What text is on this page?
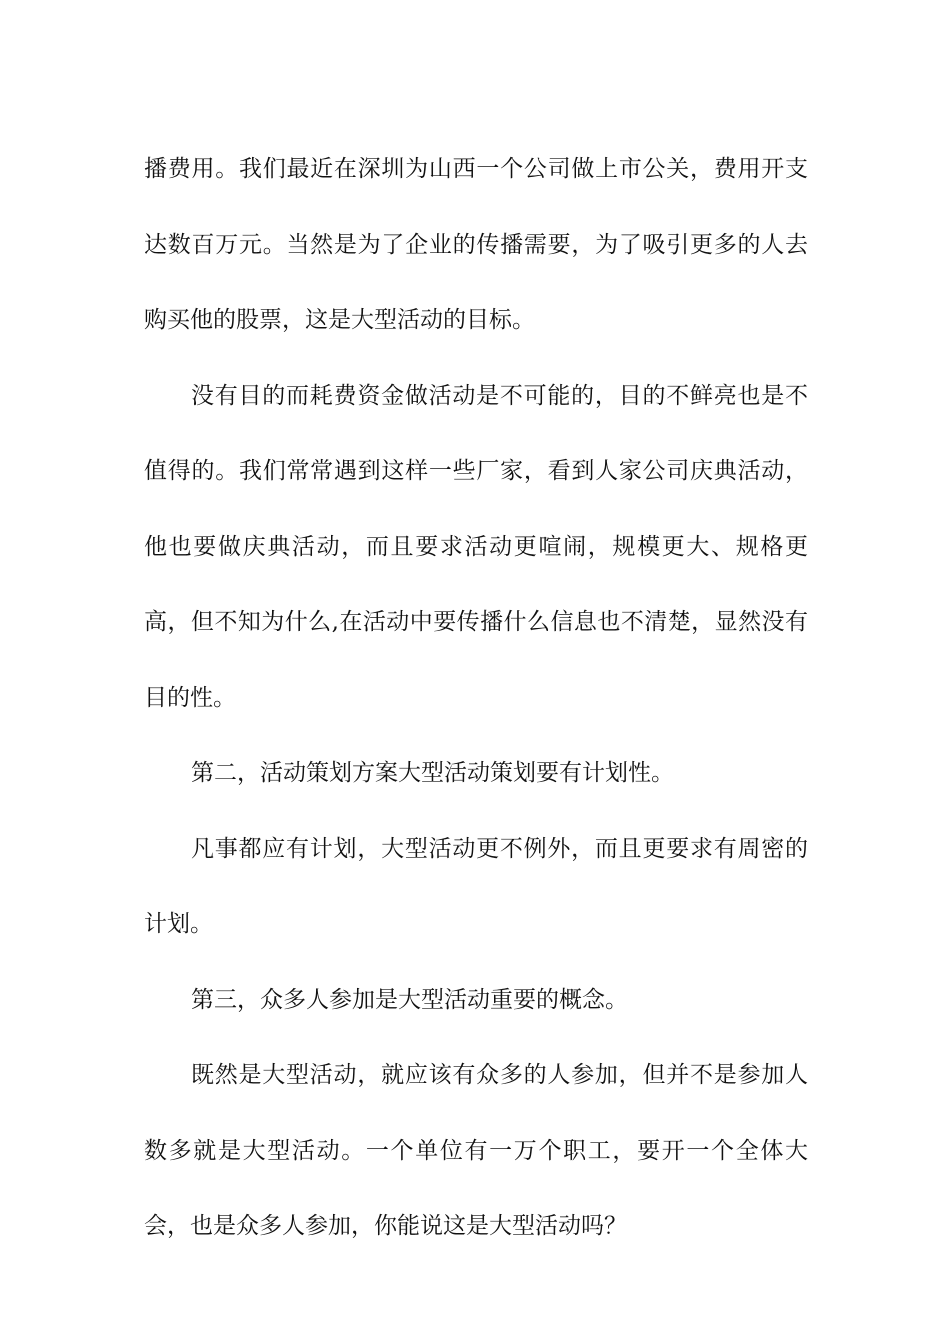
播费用。我们最近在深圳为山西一个公司做上市公关，费用开支达数百万元。当然是为了企业的传播需要，为了吸引更多的人去购买他的股票，这是大型活动的目标。

没有目的而耗费资金做活动是不可能的，目的不鲜亮也是不值得的。我们常常遇到这样一些厂家，看到人家公司庆典活动，他也要做庆典活动，而且要求活动更喧闹，规模更大、规格更高，但不知为什么,在活动中要传播什么信息也不清楚，显然没有目的性。

第二，活动策划方案大型活动策划要有计划性。

凡事都应有计划，大型活动更不例外，而且更要求有周密的计划。

第三，众多人参加是大型活动重要的概念。

既然是大型活动，就应该有众多的人参加，但并不是参加人数多就是大型活动。一个单位有一万个职工，要开一个全体大会，也是众多人参加，你能说这是大型活动吗？
